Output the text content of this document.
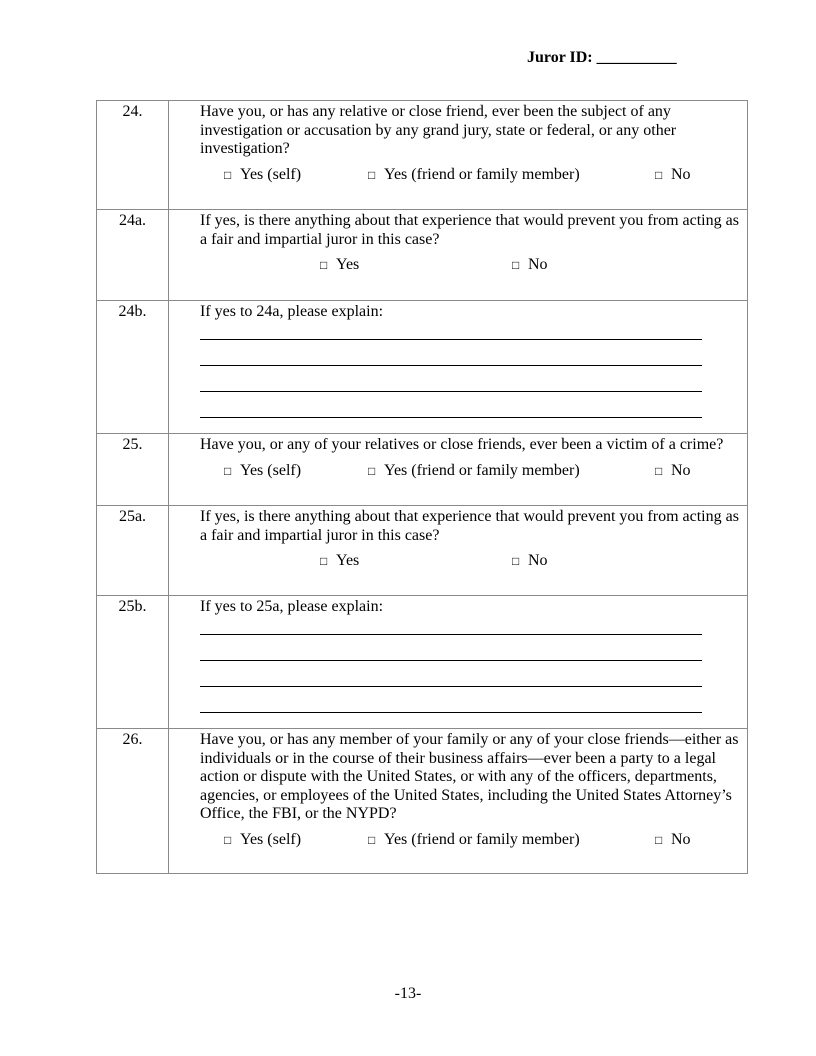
Juror ID: __________
24.	Have you, or has any relative or close friend, ever been the subject of any investigation or accusation by any grand jury, state or federal, or any other investigation?

□ Yes (self) □ Yes (friend or family member) □ No

24a.	If yes, is there anything about that experience that would prevent you from acting as a fair and impartial juror in this case?

□ Yes □ No

24b.	If yes to 24a, please explain:

25.	Have you, or any of your relatives or close friends, ever been a victim of a crime?

□ Yes (self) □ Yes (friend or family member) □ No

25a.	If yes, is there anything about that experience that would prevent you from acting as a fair and impartial juror in this case?

□ Yes □ No

25b.	If yes to 25a, please explain:

26.	Have you, or has any member of your family or any of your close friends—either as individuals or in the course of their business affairs—ever been a party to a legal action or dispute with the United States, or with any of the officers, departments, agencies, or employees of the United States, including the United States Attorney’s Office, the FBI, or the NYPD?

□ Yes (self) □ Yes (friend or family member) □ No
-13-
